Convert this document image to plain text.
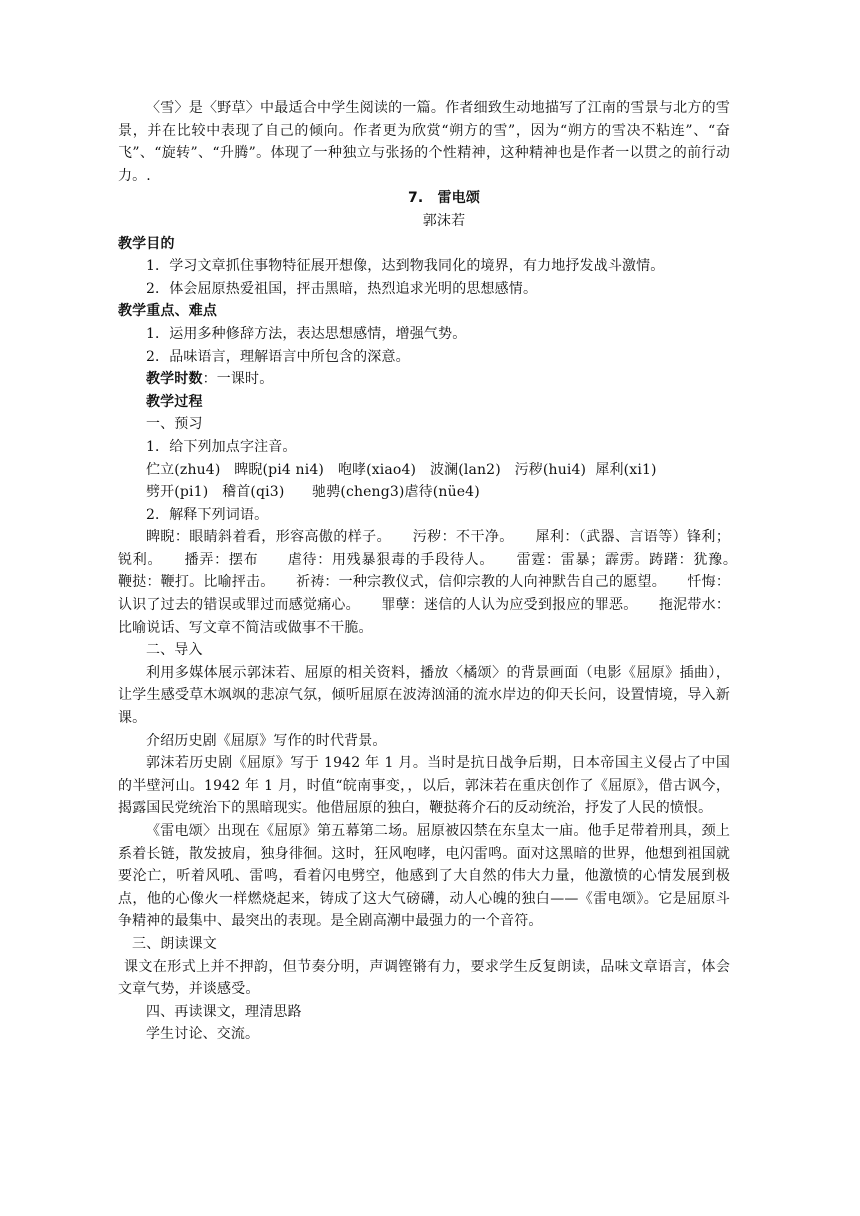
〈雪〉是〈野草〉中最适合中学生阅读的一篇。作者细致生动地描写了江南的雪景与北方的雪景，并在比较中表现了自己的倾向。作者更为欣赏“朔方的雪”，因为“朔方的雪决不粘连”、“奋飞”、“旋转”、“升腾”。体现了一种独立与张扬的个性精神，这种精神也是作者一以贯之的前行动力。.

7.　雷电颂

郭沫若

教学目的

1．学习文章抓住事物特征展开想像，达到物我同化的境界，有力地抒发战斗激情。

2．体会屈原热爱祖国，抨击黑暗，热烈追求光明的思想感情。

教学重点、难点

1．运用多种修辞方法，表达思想感情，增强气势。

2．品味语言，理解语言中所包含的深意。

教学时数：一课时。

教学过程

一、预习

1．给下列加点字注音。

伫立(zhu4)   睥睨(pi4 ni4)   咆哮(xiao4)   波澜(lan2)   污秽(hui4)  犀利(xi1)

劈开(pi1)   稽首(qi3)      驰骋(cheng3)虐待(nüe4)

2．解释下列词语。

睥睨：眼睛斜着看，形容高傲的样子。　　污秽：不干净。　　犀利：（武器、言语等）锋利；锐利。　　播弄：摆布　　虐待：用残暴狠毒的手段待人。　　雷霆：雷暴；霹雳。踌躇：犹豫。　　鞭挞：鞭打。比喻抨击。　　祈祷：一种宗教仪式，信仰宗教的人向神默告自己的愿望。　　忏悔：认识了过去的错误或罪过而感觉痛心。　　罪孽：迷信的人认为应受到报应的罪恶。　　拖泥带水：比喻说话、写文章不简洁或做事不干脆。

二、导入

利用多媒体展示郭沫若、屈原的相关资料，播放〈橘颂〉的背景画面（电影《屈原》插曲），让学生感受草木飒飒的悲凉气氛，倾听屈原在波涛汹涌的流水岸边的仰天长问，设置情境，导入新课。

介绍历史剧《屈原》写作的时代背景。

郭沫若历史剧《屈原》写于 1942 年 1 月。当时是抗日战争后期，日本帝国主义侵占了中国的半壁河山。1942 年 1 月，时值“皖南事变，，以后，郭沫若在重庆创作了《屈原》，借古讽今，揭露国民党统治下的黑暗现实。他借屈原的独白，鞭挞蒋介石的反动统治，抒发了人民的愤恨。

《雷电颂〉出现在《屈原》第五幕第二场。屈原被囚禁在东皇太一庙。他手足带着刑具，颈上系着长链，散发披肩，独身徘徊。这时，狂风咆哮，电闪雷鸣。面对这黑暗的世界，他想到祖国就要沦亡，听着风吼、雷鸣，看着闪电劈空，他感到了大自然的伟大力量，他激愤的心情发展到极点，他的心像火一样燃烧起来，铸成了这大气磅礴，动人心魄的独白——《雷电颂》。它是屈原斗争精神的最集中、最突出的表现。是全剧高潮中最强力的一个音符。

三、朗读课文

课文在形式上并不押韵，但节奏分明，声调铿锵有力，要求学生反复朗读，品味文章语言，体会文章气势，并谈感受。

四、再读课文，理清思路

学生讨论、交流。
